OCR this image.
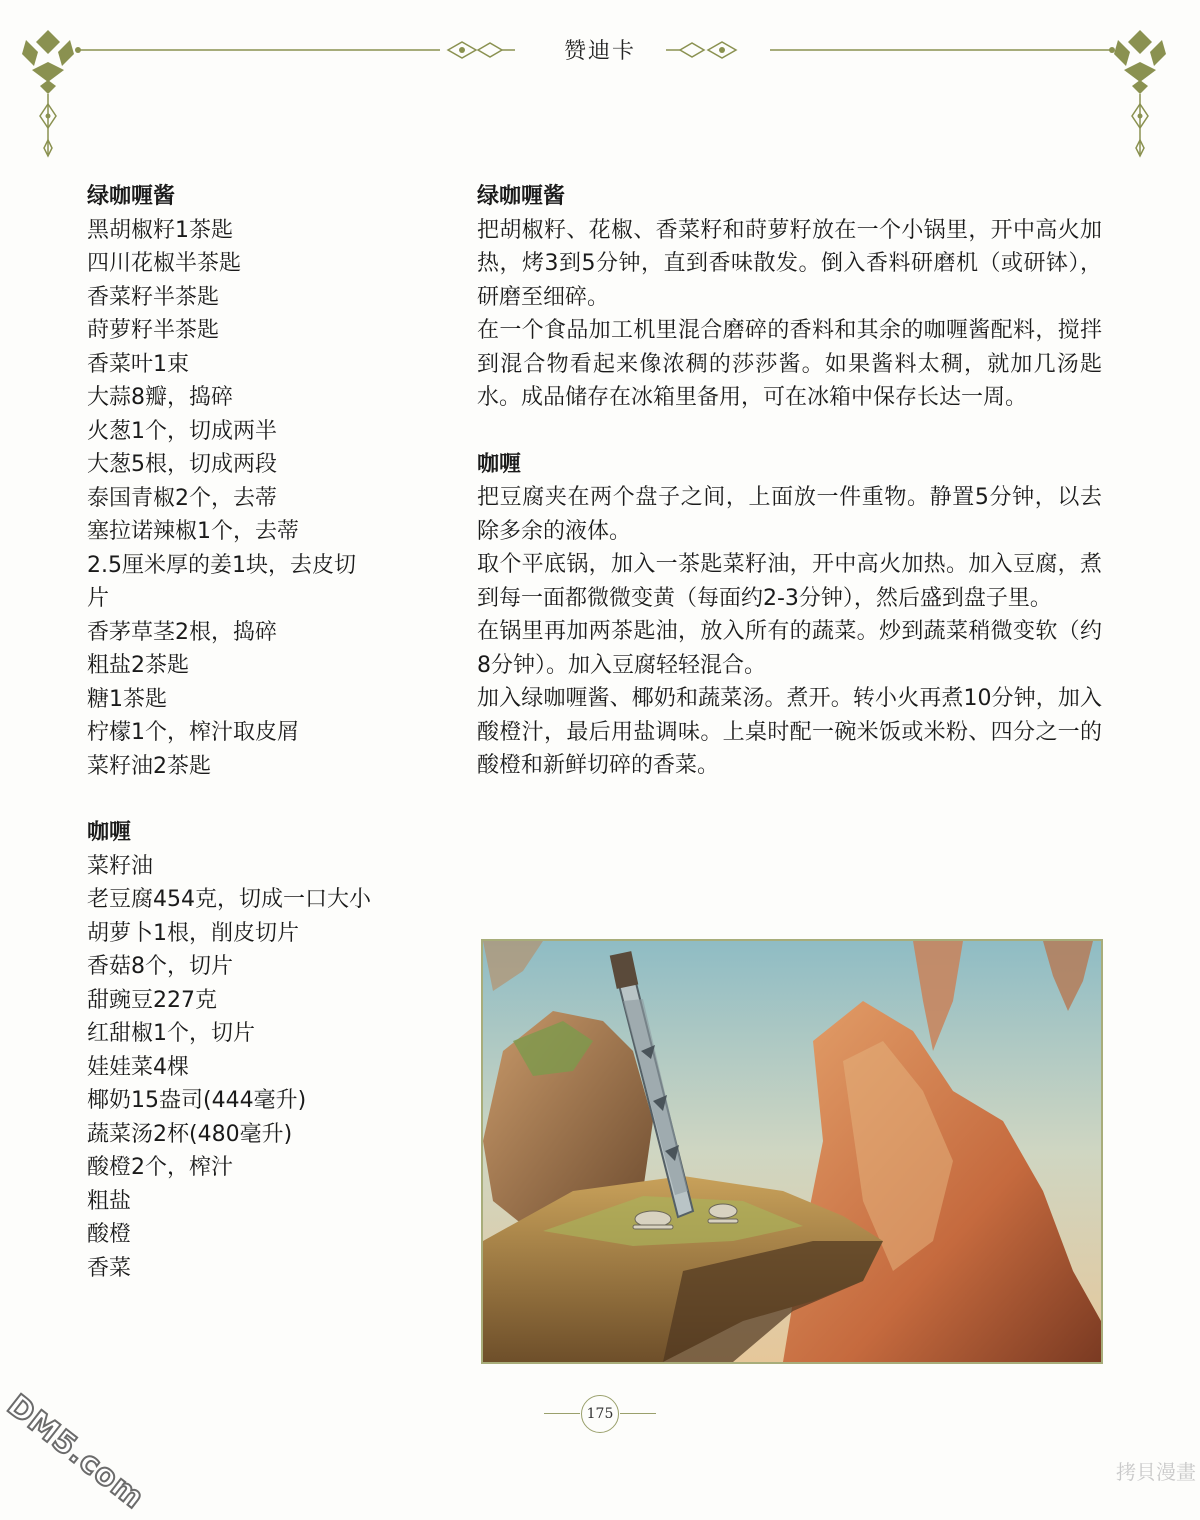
赞迪卡

绿咖喱酱

黑胡椒籽1茶匙
四川花椒半茶匙
香菜籽半茶匙
莳萝籽半茶匙
香菜叶1束
大蒜8瓣，捣碎
火葱1个，切成两半
大葱5根，切成两段
泰国青椒2个，去蒂
塞拉诺辣椒1个，去蒂
2.5厘米厚的姜1块，去皮切
片
香茅草茎2根，捣碎
粗盐2茶匙
糖1茶匙
柠檬1个，榨汁取皮屑
菜籽油2茶匙

咖喱

菜籽油
老豆腐454克，切成一口大小
胡萝卜1根，削皮切片
香菇8个，切片
甜豌豆227克
红甜椒1个，切片
娃娃菜4棵
椰奶15盎司(444毫升)
蔬菜汤2杯(480毫升)
酸橙2个，榨汁
粗盐
酸橙
香菜

绿咖喱酱

把胡椒籽、花椒、香菜籽和莳萝籽放在一个小锅里，开中高火加热，烤3到5分钟，直到香味散发。倒入香料研磨机（或研钵），研磨至细碎。

在一个食品加工机里混合磨碎的香料和其余的咖喱酱配料，搅拌到混合物看起来像浓稠的莎莎酱。如果酱料太稠，就加几汤匙水。成品储存在冰箱里备用，可在冰箱中保存长达一周。

咖喱

把豆腐夹在两个盘子之间，上面放一件重物。静置5分钟，以去除多余的液体。

取个平底锅，加入一茶匙菜籽油，开中高火加热。加入豆腐，煮到每一面都微微变黄（每面约2-3分钟），然后盛到盘子里。

在锅里再加两茶匙油，放入所有的蔬菜。炒到蔬菜稍微变软（约8分钟）。加入豆腐轻轻混合。

加入绿咖喱酱、椰奶和蔬菜汤。煮开。转小火再煮10分钟，加入酸橙汁，最后用盐调味。上桌时配一碗米饭或米粉、四分之一的酸橙和新鲜切碎的香菜。

175
DM5.com	拷貝漫畫
